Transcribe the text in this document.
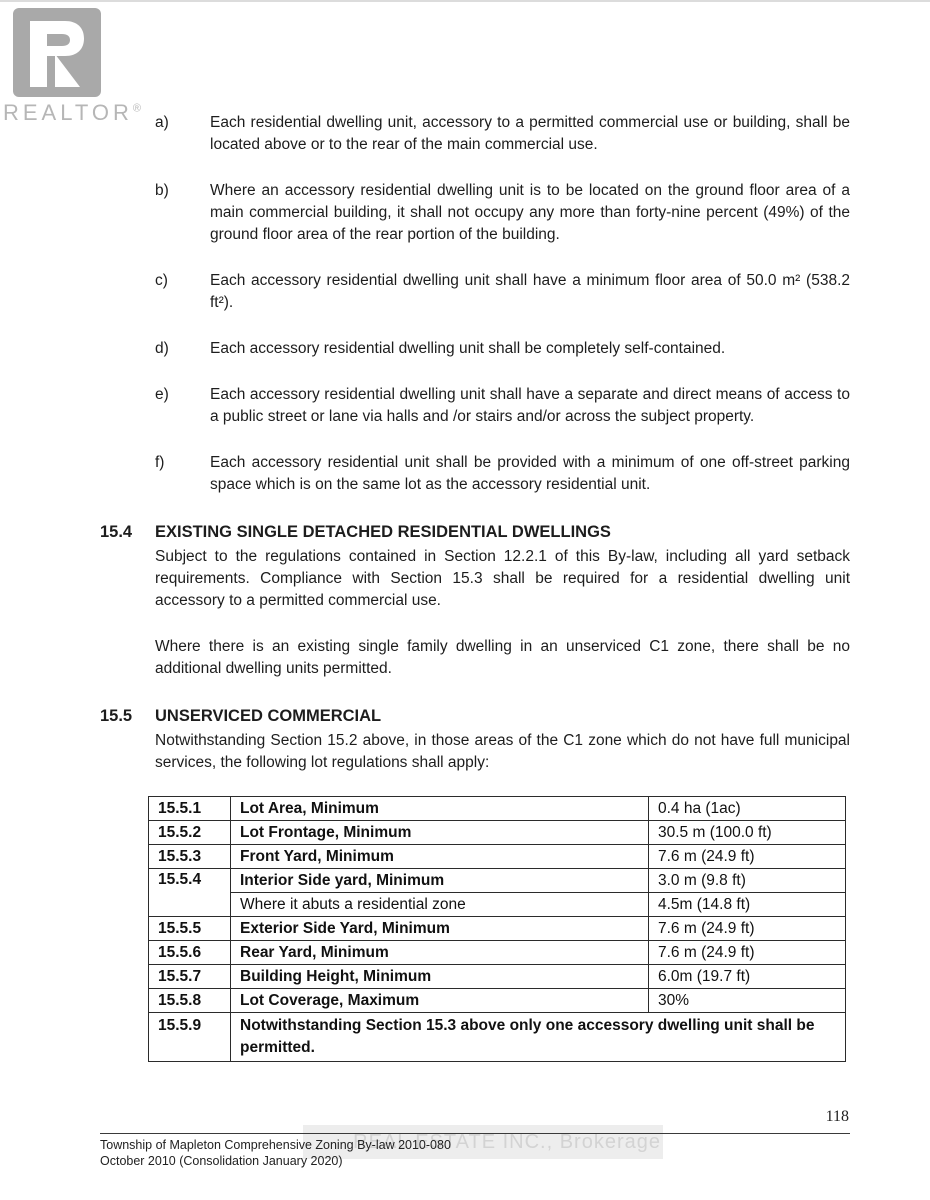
REALTOR®
a)	Each residential dwelling unit, accessory to a permitted commercial use or building, shall be located above or to the rear of the main commercial use.
b)	Where an accessory residential dwelling unit is to be located on the ground floor area of a main commercial building, it shall not occupy any more than forty-nine percent (49%) of the ground floor area of the rear portion of the building.
c)	Each accessory residential dwelling unit shall have a minimum floor area of 50.0 m² (538.2 ft²).
d)	Each accessory residential dwelling unit shall be completely self-contained.
e)	Each accessory residential dwelling unit shall have a separate and direct means of access to a public street or lane via halls and /or stairs and/or across the subject property.
f)	Each accessory residential unit shall be provided with a minimum of one off-street parking space which is on the same lot as the accessory residential unit.
15.4	EXISTING SINGLE DETACHED RESIDENTIAL DWELLINGS
Subject to the regulations contained in Section 12.2.1 of this By-law, including all yard setback requirements. Compliance with Section 15.3 shall be required for a residential dwelling unit accessory to a permitted commercial use.
Where there is an existing single family dwelling in an unserviced C1 zone, there shall be no additional dwelling units permitted.
15.5	UNSERVICED COMMERCIAL
Notwithstanding Section 15.2 above, in those areas of the C1 zone which do not have full municipal services, the following lot regulations shall apply:
15.5.1	Lot Area, Minimum	0.4 ha (1ac)
15.5.2	Lot Frontage, Minimum	30.5 m (100.0 ft)
15.5.3	Front Yard, Minimum	7.6 m (24.9 ft)
15.5.4	Interior Side yard, Minimum	3.0 m (9.8 ft)
	Where it abuts a residential zone	4.5m (14.8 ft)
15.5.5	Exterior Side Yard, Minimum	7.6 m (24.9 ft)
15.5.6	Rear Yard, Minimum	7.6 m (24.9 ft)
15.5.7	Building Height, Minimum	6.0m (19.7 ft)
15.5.8	Lot Coverage, Maximum	30%
15.5.9	Notwithstanding Section 15.3 above only one accessory dwelling unit shall be permitted.	
REAL ESTATE INC., Brokerage
118
Township of Mapleton Comprehensive Zoning By-law 2010-080
October 2010 (Consolidation January 2020)
